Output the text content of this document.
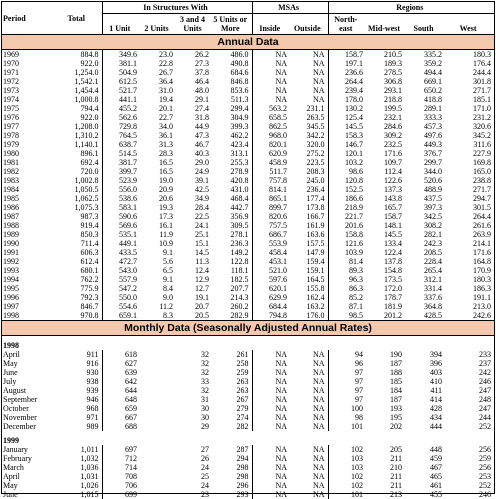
Period	Total	In Structures With				MSAs		Regions			
		1 Unit	2 Units	3 and 4 Units	5 Units or More	Inside	Outside	North-east	Mid-west	South	West
Annual Data											
1969	884.8	349.6	23.0	26.2	486.0	NA	NA	158.7	210.5	335.2	180.3
1970	922.0	381.1	22.8	27.3	490.8	NA	NA	197.1	189.3	359.2	176.4
1971	1,254.0	504.9	26.7	37.8	684.6	NA	NA	236.6	278.5	494.4	244.4
1972	1,542.1	612.5	36.4	46.4	846.8	NA	NA	264.4	306.8	669.1	301.8
1973	1,454.4	521.7	31.0	48.0	853.6	NA	NA	239.4	293.1	650.2	271.7
1974	1,000.8	441.1	19.4	29.1	511.3	NA	NA	178.0	218.8	418.8	185.1
1975	794.4	455.2	20.1	27.4	299.4	563.2	231.1	130.2	199.5	289.1	171.0
1976	922.0	562.6	22.7	31.8	304.9	658.5	263.5	125.4	232.1	333.3	231.2
1977	1,208.0	729.8	34.0	44.9	399.3	862.5	345.5	145.5	284.6	457.3	320.6
1978	1,310.2	764.5	36.1	47.3	462.2	968.0	342.2	158.3	309.2	497.6	345.2
1979	1,140.1	638.7	31.3	46.7	423.4	820.1	320.0	146.7	232.5	449.3	311.6
1980	896.1	514.5	28.3	40.3	313.1	620.9	275.2	120.1	171.6	376.7	227.9
1981	692.4	381.7	16.5	29.0	255.3	458.9	223.5	103.2	109.7	299.7	169.8
1982	720.0	399.7	16.5	24.9	278.9	511.7	208.3	98.6	112.4	344.0	165.0
1983	1,002.8	523.9	19.0	39.1	420.8	757.8	245.0	120.8	122.6	520.6	238.8
1984	1,050.5	556.0	20.9	42.5	431.0	814.1	236.4	152.5	137.3	488.9	271.7
1985	1,062.5	538.6	20.6	34.9	468.4	865.1	177.4	186.6	143.8	437.5	294.7
1986	1,075.3	583.1	19.3	28.4	442.7	899.7	173.8	218.9	165.7	397.3	301.5
1987	987.3	590.6	17.3	22.5	356.9	820.6	166.7	221.7	158.7	342.5	264.4
1988	919.4	569.6	16.1	24.1	309.5	757.5	161.9	201.6	148.1	308.2	261.6
1989	850.3	535.1	11.9	25.1	278.1	686.7	163.6	158.8	145.5	282.1	263.9
1990	711.4	449.1	10.9	15.1	236.3	553.9	157.5	121.6	133.4	242.3	214.1
1991	606.3	433.5	9.1	14.5	149.2	458.4	147.9	103.9	122.4	208.5	171.6
1992	612.4	472.7	5.6	11.3	122.8	453.1	159.4	81.4	137.8	228.4	164.8
1993	680.1	543.0	6.5	12.4	118.1	521.0	159.1	89.3	154.8	265.4	170.9
1994	762.2	557.9	9.1	12.9	182.5	597.6	164.5	96.3	173.5	312.1	180.3
1995	775.9	547.2	8.4	12.7	207.7	620.1	155.8	86.3	172.0	331.4	186.3
1996	792.3	550.0	9.0	19.1	214.3	629.9	162.4	85.2	178.7	337.6	191.1
1997	846.7	554.6	11.2	20.7	260.2	684.4	163.2	87.1	181.9	364.8	213.0
1998	970.8	659.1	8.3	20.5	282.9	794.8	176.0	98.5	201.2	428.5	242.6
Monthly Data (Seasonally Adjusted Annual Rates)											
1998											
April	911	618	32		261	NA	NA	94	190	394	233
May	916	627	32		258	NA	NA	96	187	396	237
June	930	639	32		259	NA	NA	97	188	403	242
July	938	642	33		263	NA	NA	97	185	410	246
August	939	644	32		263	NA	NA	97	184	411	247
September	946	648	31		267	NA	NA	97	187	414	248
October	968	659	30		279	NA	NA	100	193	428	247
November	971	667	30		274	NA	NA	98	195	434	244
December	989	688	29		282	NA	NA	101	202	444	252
1999											
January	1,011	697	27		287	NA	NA	102	205	448	256
February	1,032	712	26		294	NA	NA	103	211	459	259
March	1,036	714	24		298	NA	NA	103	210	467	256
April	1,031	708	25		298	NA	NA	102	211	465	253
May	1,026	706	24		296	NA	NA	102	211	461	252
June	1,015	699	23		293	NA	NA	101	213	455	246
